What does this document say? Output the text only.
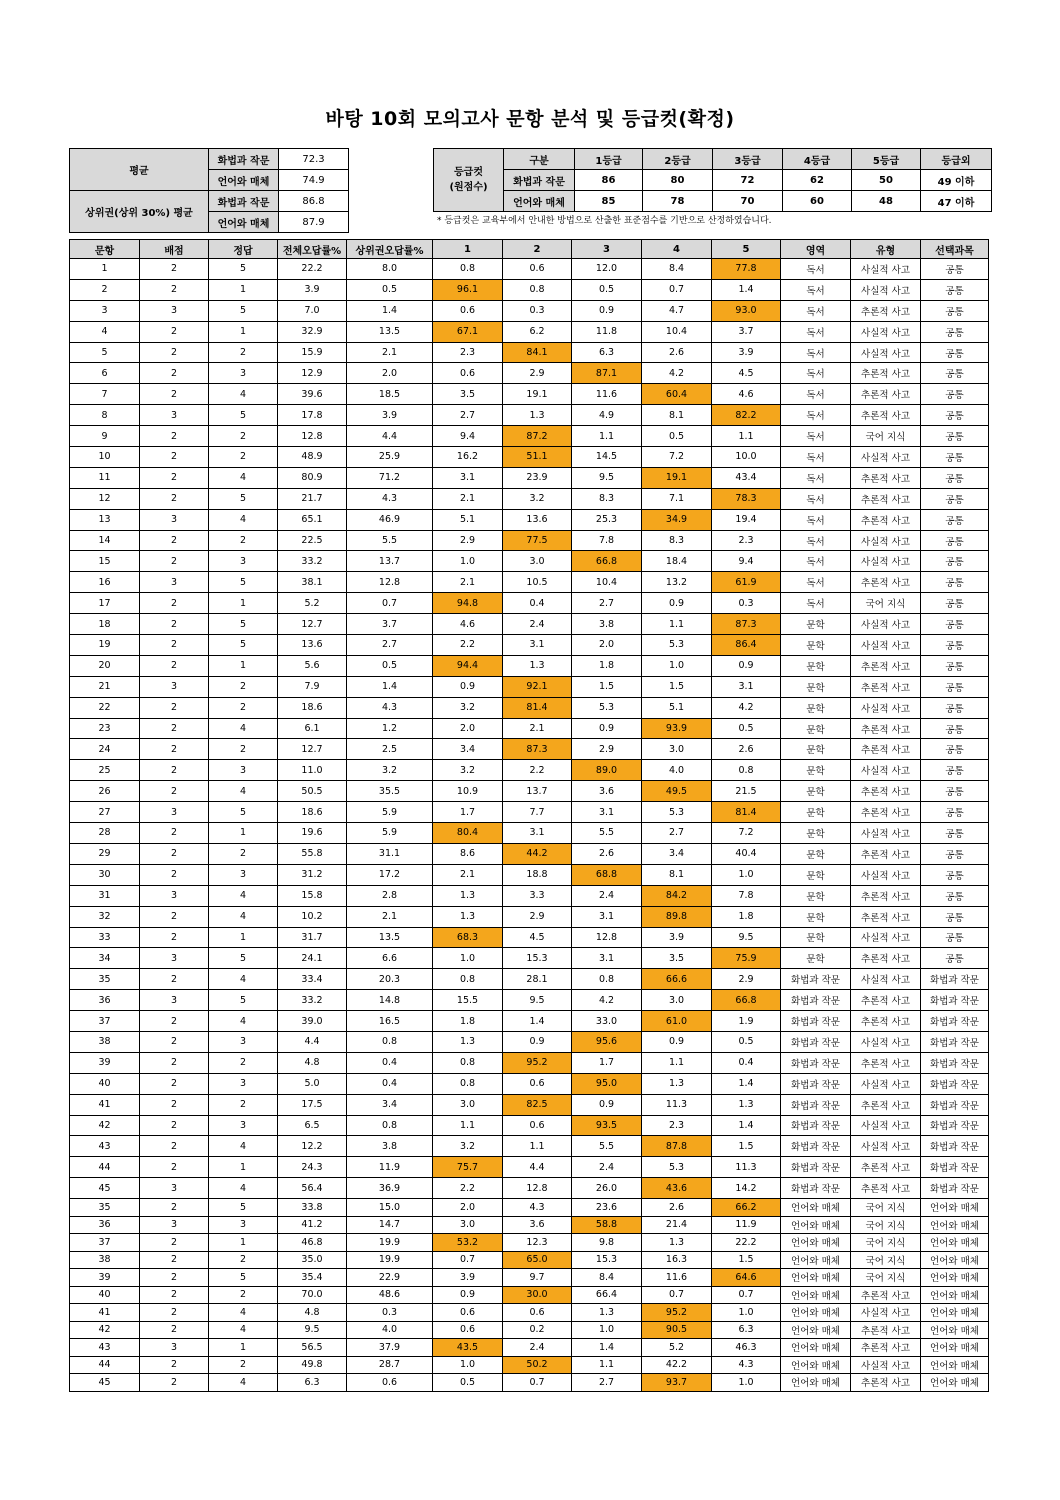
바탕 10회 모의고사 문항 분석 및 등급컷(확정)
평균	화법과 작문	72.3
	언어와 매체	74.9
상위권(상위 30%) 평균	화법과 작문	86.8
	언어와 매체	87.9
등급컷
(원점수)	구분	1등급	2등급	3등급	4등급	5등급	등급외
	화법과 작문	86	80	72	62	50	49 이하
	언어와 매체	85	78	70	60	48	47 이하
* 등급컷은 교육부에서 안내한 방법으로 산출한 표준점수를 기반으로 산정하였습니다.
문항	배점	정답	전체오답률%	상위권오답률%	1	2	3	4	5	영역	유형	선택과목
1	2	5	22.2	8.0	0.8	0.6	12.0	8.4	77.8	독서	사실적 사고	공통
2	2	1	3.9	0.5	96.1	0.8	0.5	0.7	1.4	독서	사실적 사고	공통
3	3	5	7.0	1.4	0.6	0.3	0.9	4.7	93.0	독서	추론적 사고	공통
4	2	1	32.9	13.5	67.1	6.2	11.8	10.4	3.7	독서	사실적 사고	공통
5	2	2	15.9	2.1	2.3	84.1	6.3	2.6	3.9	독서	사실적 사고	공통
6	2	3	12.9	2.0	0.6	2.9	87.1	4.2	4.5	독서	추론적 사고	공통
7	2	4	39.6	18.5	3.5	19.1	11.6	60.4	4.6	독서	추론적 사고	공통
8	3	5	17.8	3.9	2.7	1.3	4.9	8.1	82.2	독서	추론적 사고	공통
9	2	2	12.8	4.4	9.4	87.2	1.1	0.5	1.1	독서	국어 지식	공통
10	2	2	48.9	25.9	16.2	51.1	14.5	7.2	10.0	독서	사실적 사고	공통
11	2	4	80.9	71.2	3.1	23.9	9.5	19.1	43.4	독서	추론적 사고	공통
12	2	5	21.7	4.3	2.1	3.2	8.3	7.1	78.3	독서	추론적 사고	공통
13	3	4	65.1	46.9	5.1	13.6	25.3	34.9	19.4	독서	추론적 사고	공통
14	2	2	22.5	5.5	2.9	77.5	7.8	8.3	2.3	독서	사실적 사고	공통
15	2	3	33.2	13.7	1.0	3.0	66.8	18.4	9.4	독서	사실적 사고	공통
16	3	5	38.1	12.8	2.1	10.5	10.4	13.2	61.9	독서	추론적 사고	공통
17	2	1	5.2	0.7	94.8	0.4	2.7	0.9	0.3	독서	국어 지식	공통
18	2	5	12.7	3.7	4.6	2.4	3.8	1.1	87.3	문학	사실적 사고	공통
19	2	5	13.6	2.7	2.2	3.1	2.0	5.3	86.4	문학	사실적 사고	공통
20	2	1	5.6	0.5	94.4	1.3	1.8	1.0	0.9	문학	추론적 사고	공통
21	3	2	7.9	1.4	0.9	92.1	1.5	1.5	3.1	문학	추론적 사고	공통
22	2	2	18.6	4.3	3.2	81.4	5.3	5.1	4.2	문학	사실적 사고	공통
23	2	4	6.1	1.2	2.0	2.1	0.9	93.9	0.5	문학	추론적 사고	공통
24	2	2	12.7	2.5	3.4	87.3	2.9	3.0	2.6	문학	추론적 사고	공통
25	2	3	11.0	3.2	3.2	2.2	89.0	4.0	0.8	문학	사실적 사고	공통
26	2	4	50.5	35.5	10.9	13.7	3.6	49.5	21.5	문학	추론적 사고	공통
27	3	5	18.6	5.9	1.7	7.7	3.1	5.3	81.4	문학	추론적 사고	공통
28	2	1	19.6	5.9	80.4	3.1	5.5	2.7	7.2	문학	사실적 사고	공통
29	2	2	55.8	31.1	8.6	44.2	2.6	3.4	40.4	문학	추론적 사고	공통
30	2	3	31.2	17.2	2.1	18.8	68.8	8.1	1.0	문학	사실적 사고	공통
31	3	4	15.8	2.8	1.3	3.3	2.4	84.2	7.8	문학	추론적 사고	공통
32	2	4	10.2	2.1	1.3	2.9	3.1	89.8	1.8	문학	추론적 사고	공통
33	2	1	31.7	13.5	68.3	4.5	12.8	3.9	9.5	문학	사실적 사고	공통
34	3	5	24.1	6.6	1.0	15.3	3.1	3.5	75.9	문학	추론적 사고	공통
35	2	4	33.4	20.3	0.8	28.1	0.8	66.6	2.9	화법과 작문	사실적 사고	화법과 작문
36	3	5	33.2	14.8	15.5	9.5	4.2	3.0	66.8	화법과 작문	추론적 사고	화법과 작문
37	2	4	39.0	16.5	1.8	1.4	33.0	61.0	1.9	화법과 작문	추론적 사고	화법과 작문
38	2	3	4.4	0.8	1.3	0.9	95.6	0.9	0.5	화법과 작문	사실적 사고	화법과 작문
39	2	2	4.8	0.4	0.8	95.2	1.7	1.1	0.4	화법과 작문	추론적 사고	화법과 작문
40	2	3	5.0	0.4	0.8	0.6	95.0	1.3	1.4	화법과 작문	사실적 사고	화법과 작문
41	2	2	17.5	3.4	3.0	82.5	0.9	11.3	1.3	화법과 작문	추론적 사고	화법과 작문
42	2	3	6.5	0.8	1.1	0.6	93.5	2.3	1.4	화법과 작문	사실적 사고	화법과 작문
43	2	4	12.2	3.8	3.2	1.1	5.5	87.8	1.5	화법과 작문	사실적 사고	화법과 작문
44	2	1	24.3	11.9	75.7	4.4	2.4	5.3	11.3	화법과 작문	추론적 사고	화법과 작문
45	3	4	56.4	36.9	2.2	12.8	26.0	43.6	14.2	화법과 작문	추론적 사고	화법과 작문
35	2	5	33.8	15.0	2.0	4.3	23.6	2.6	66.2	언어와 매체	국어 지식	언어와 매체
36	3	3	41.2	14.7	3.0	3.6	58.8	21.4	11.9	언어와 매체	국어 지식	언어와 매체
37	2	1	46.8	19.9	53.2	12.3	9.8	1.3	22.2	언어와 매체	국어 지식	언어와 매체
38	2	2	35.0	19.9	0.7	65.0	15.3	16.3	1.5	언어와 매체	국어 지식	언어와 매체
39	2	5	35.4	22.9	3.9	9.7	8.4	11.6	64.6	언어와 매체	국어 지식	언어와 매체
40	2	2	70.0	48.6	0.9	30.0	66.4	0.7	0.7	언어와 매체	추론적 사고	언어와 매체
41	2	4	4.8	0.3	0.6	0.6	1.3	95.2	1.0	언어와 매체	사실적 사고	언어와 매체
42	2	4	9.5	4.0	0.6	0.2	1.0	90.5	6.3	언어와 매체	추론적 사고	언어와 매체
43	3	1	56.5	37.9	43.5	2.4	1.4	5.2	46.3	언어와 매체	추론적 사고	언어와 매체
44	2	2	49.8	28.7	1.0	50.2	1.1	42.2	4.3	언어와 매체	사실적 사고	언어와 매체
45	2	4	6.3	0.6	0.5	0.7	2.7	93.7	1.0	언어와 매체	추론적 사고	언어와 매체
